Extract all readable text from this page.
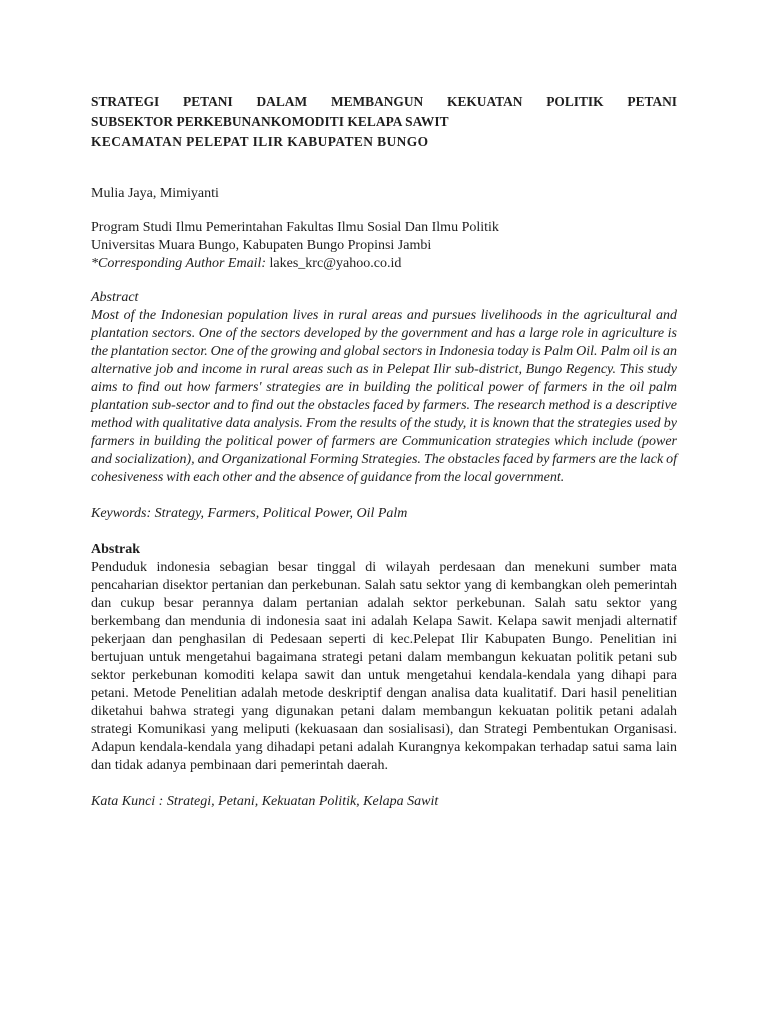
STRATEGI PETANI DALAM MEMBANGUN KEKUATAN POLITIK PETANI
SUBSEKTOR PERKEBUNANKOMODITI KELAPA SAWIT
KECAMATAN PELEPAT ILIR KABUPATEN BUNGO
Mulia Jaya, Mimiyanti
Program Studi Ilmu Pemerintahan Fakultas Ilmu Sosial Dan Ilmu Politik
Universitas Muara Bungo, Kabupaten Bungo Propinsi Jambi
*Corresponding Author Email: lakes_krc@yahoo.co.id
Abstract
Most of the Indonesian population lives in rural areas and pursues livelihoods in the agricultural and plantation sectors. One of the sectors developed by the government and has a large role in agriculture is the plantation sector. One of the growing and global sectors in Indonesia today is Palm Oil. Palm oil is an alternative job and income in rural areas such as in Pelepat Ilir sub-district, Bungo Regency. This study aims to find out how farmers' strategies are in building the political power of farmers in the oil palm plantation sub-sector and to find out the obstacles faced by farmers. The research method is a descriptive method with qualitative data analysis. From the results of the study, it is known that the strategies used by farmers in building the political power of farmers are Communication strategies which include (power and socialization), and Organizational Forming Strategies. The obstacles faced by farmers are the lack of cohesiveness with each other and the absence of guidance from the local government.
Keywords: Strategy, Farmers, Political Power, Oil Palm
Abstrak
Penduduk indonesia sebagian besar tinggal di wilayah perdesaan dan menekuni sumber mata pencaharian disektor pertanian dan perkebunan. Salah satu sektor yang di kembangkan oleh pemerintah dan cukup besar perannya dalam pertanian adalah sektor perkebunan. Salah satu sektor yang berkembang dan mendunia di indonesia saat ini adalah Kelapa Sawit. Kelapa sawit menjadi alternatif pekerjaan dan penghasilan di Pedesaan seperti di kec.Pelepat Ilir Kabupaten Bungo. Penelitian ini bertujuan untuk mengetahui bagaimana strategi petani dalam membangun kekuatan politik petani sub sektor perkebunan komoditi kelapa sawit dan untuk mengetahui kendala-kendala yang dihapi para petani. Metode Penelitian adalah metode deskriptif dengan analisa data kualitatif. Dari hasil penelitian diketahui bahwa strategi yang digunakan petani dalam membangun kekuatan politik petani adalah strategi Komunikasi yang meliputi (kekuasaan dan sosialisasi), dan Strategi Pembentukan Organisasi. Adapun kendala-kendala yang dihadapi petani adalah Kurangnya kekompakan terhadap satui sama lain dan tidak adanya pembinaan dari pemerintah daerah.
Kata Kunci : Strategi, Petani, Kekuatan Politik, Kelapa Sawit
